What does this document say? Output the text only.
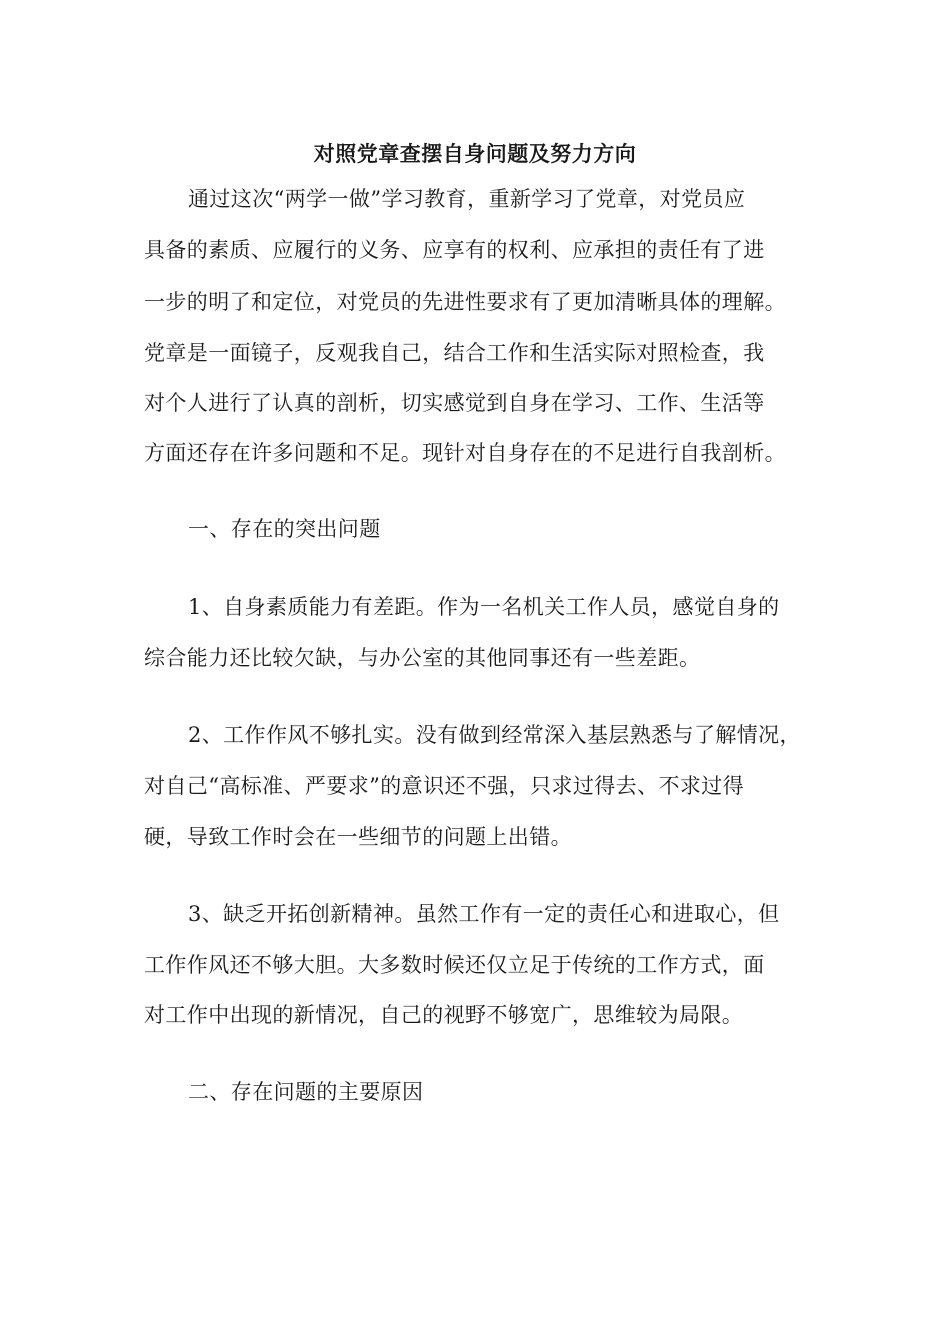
对照党章查摆自身问题及努力方向
通过这次“两学一做”学习教育，重新学习了党章，对党员应
具备的素质、应履行的义务、应享有的权利、应承担的责任有了进
一步的明了和定位，对党员的先进性要求有了更加清晰具体的理解。
党章是一面镜子，反观我自己，结合工作和生活实际对照检查，我
对个人进行了认真的剖析，切实感觉到自身在学习、工作、生活等
方面还存在许多问题和不足。现针对自身存在的不足进行自我剖析。
一、存在的突出问题
1、自身素质能力有差距。作为一名机关工作人员，感觉自身的
综合能力还比较欠缺，与办公室的其他同事还有一些差距。
2、工作作风不够扎实。没有做到经常深入基层熟悉与了解情况，
对自己“高标准、严要求”的意识还不强，只求过得去、不求过得
硬，导致工作时会在一些细节的问题上出错。
3、缺乏开拓创新精神。虽然工作有一定的责任心和进取心，但
工作作风还不够大胆。大多数时候还仅立足于传统的工作方式，面
对工作中出现的新情况，自己的视野不够宽广，思维较为局限。
二、存在问题的主要原因
